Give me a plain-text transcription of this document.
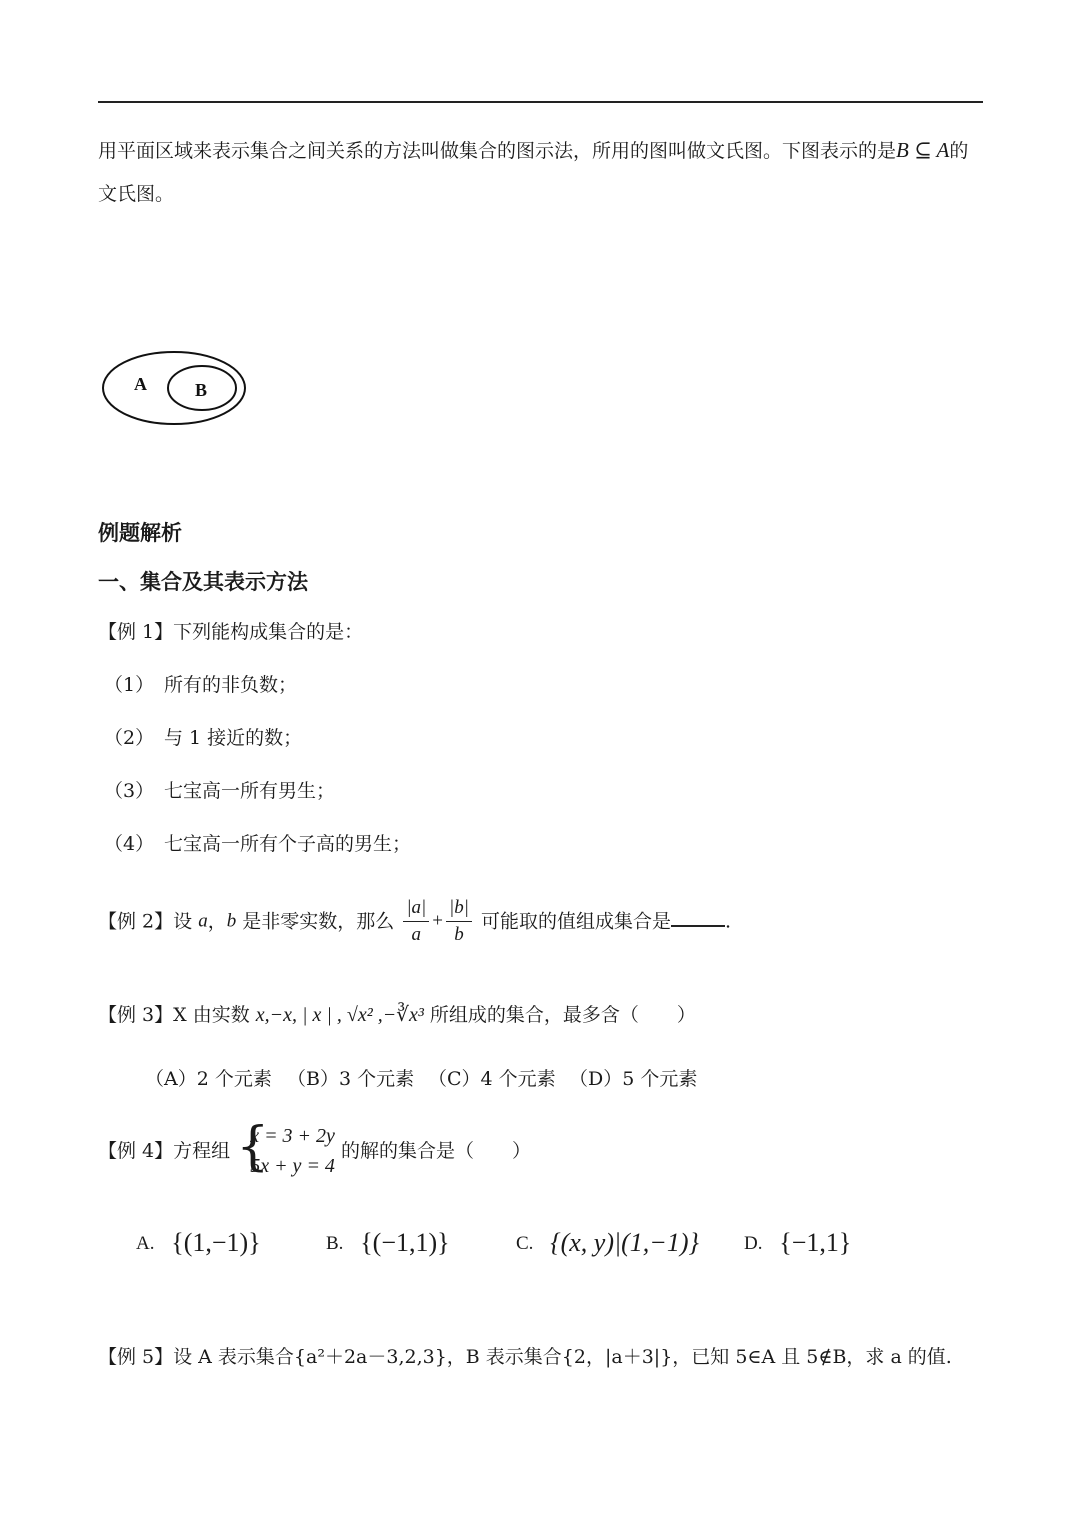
用平面区域来表示集合之间关系的方法叫做集合的图示法，所用的图叫做文氏图。下图表示的是B ⊆ A的
文氏图。
A	B
例题解析
一、集合及其表示方法
【例 1】下列能构成集合的是：
（1） 所有的非负数；
（2） 与 1 接近的数；
（3） 七宝高一所有男生；
（4） 七宝高一所有个子高的男生；
【例 2】设 a，b 是非零实数，那么 $\frac{|a|}{a} + \frac{|b|}{b}$ 可能取的值组成集合是	.
【例 3】X 由实数 x,−x, | x | , √x² ,−∛x³ 所组成的集合，最多含（　　）
（A）2 个元素 （B）3 个元素 （C）4 个元素 （D）5 个元素
【例 4】方程组 {
x = 3 + 2y
5x + y = 4
的解的集合是（　　）
A. {(1,−1)}	B. {(−1,1)}	C. {(x, y)|(1,−1)} D. {−1,1}
【例 5】设 A 表示集合{a²＋2a－3,2,3}，B 表示集合{2，|a＋3|}，已知 5∈A 且 5∉B，求 a 的值.
